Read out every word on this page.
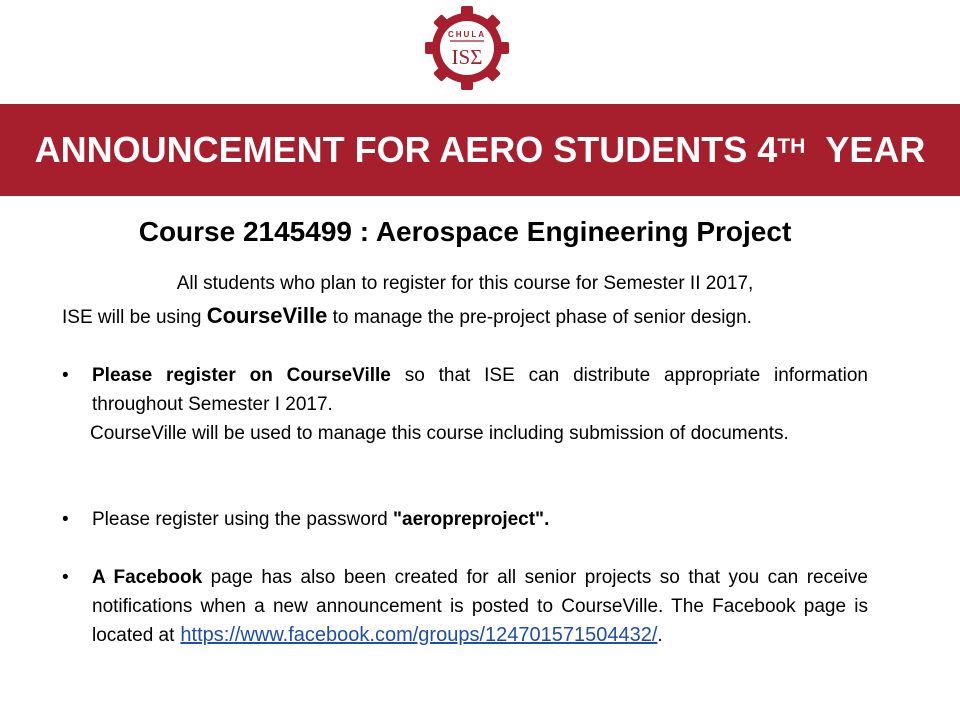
CHULA
ISΣ
ANNOUNCEMENT FOR AERO STUDENTS 4TH
YEAR
Course 2145499 : Aerospace Engineering Project
All students who plan to register for this course for Semester II 2017,
ISE will be using CourseVille to manage the pre-project phase of senior design.
• Please register on CourseVille so that ISE can distribute appropriate information throughout Semester I 2017.
CourseVille will be used to manage this course including submission of documents.
• Please register using the password "aeropreproject".
• A Facebook page has also been created for all senior projects so that you can receive notifications when a new announcement is posted to CourseVille. The Facebook page is located at https://www.facebook.com/groups/124701571504432/.
